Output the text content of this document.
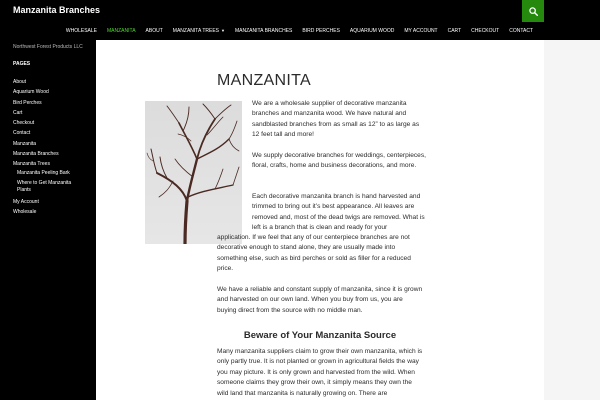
Manzanita Branches
WHOLESALE	MANZANITA	ABOUT	MANZANITA TREES ▼	MANZANITA BRANCHES	BIRD PERCHES	AQUARIUM WOOD	MY ACCOUNT	CART	CHECKOUT	CONTACT
Northwest Forest Products LLC
PAGES
About
Aquarium Wood
Bird Perches
Cart
Checkout
Contact
Manzanita
Manzanita Branches
Manzanita Trees
Manzanita Peeling Bark
Where to Get Manzanita Plants
My Account
Wholesale
MANZANITA

We are a wholesale supplier of decorative manzanita branches and manzanita wood. We have natural and sandblasted branches from as small as 12” to as large as 12 feet tall and more!

We supply decorative branches for weddings, centerpieces, floral, crafts, home and business decorations, and more.

Each decorative manzanita branch is hand harvested and trimmed to bring out it’s best appearance. All leaves are removed and, most of the dead twigs are removed. What is left is a branch that is clean and ready for your

application. If we feel that any of our centerpiece branches are not decorative enough to stand alone, they are usually made into something else, such as bird perches or sold as filler for a reduced price.

We have a reliable and constant supply of manzanita, since it is grown and harvested on our own land. When you buy from us, you are buying direct from the source with no middle man.

Beware of Your Manzanita Source

Many manzanita suppliers claim to grow their own manzanita, which is only partly true. It is not planted or grown in agricultural fields the way you may picture. It is only grown and harvested from the wild. When someone claims they grow their own, it simply means they own the wild land that manzanita is naturally growing on. There are
